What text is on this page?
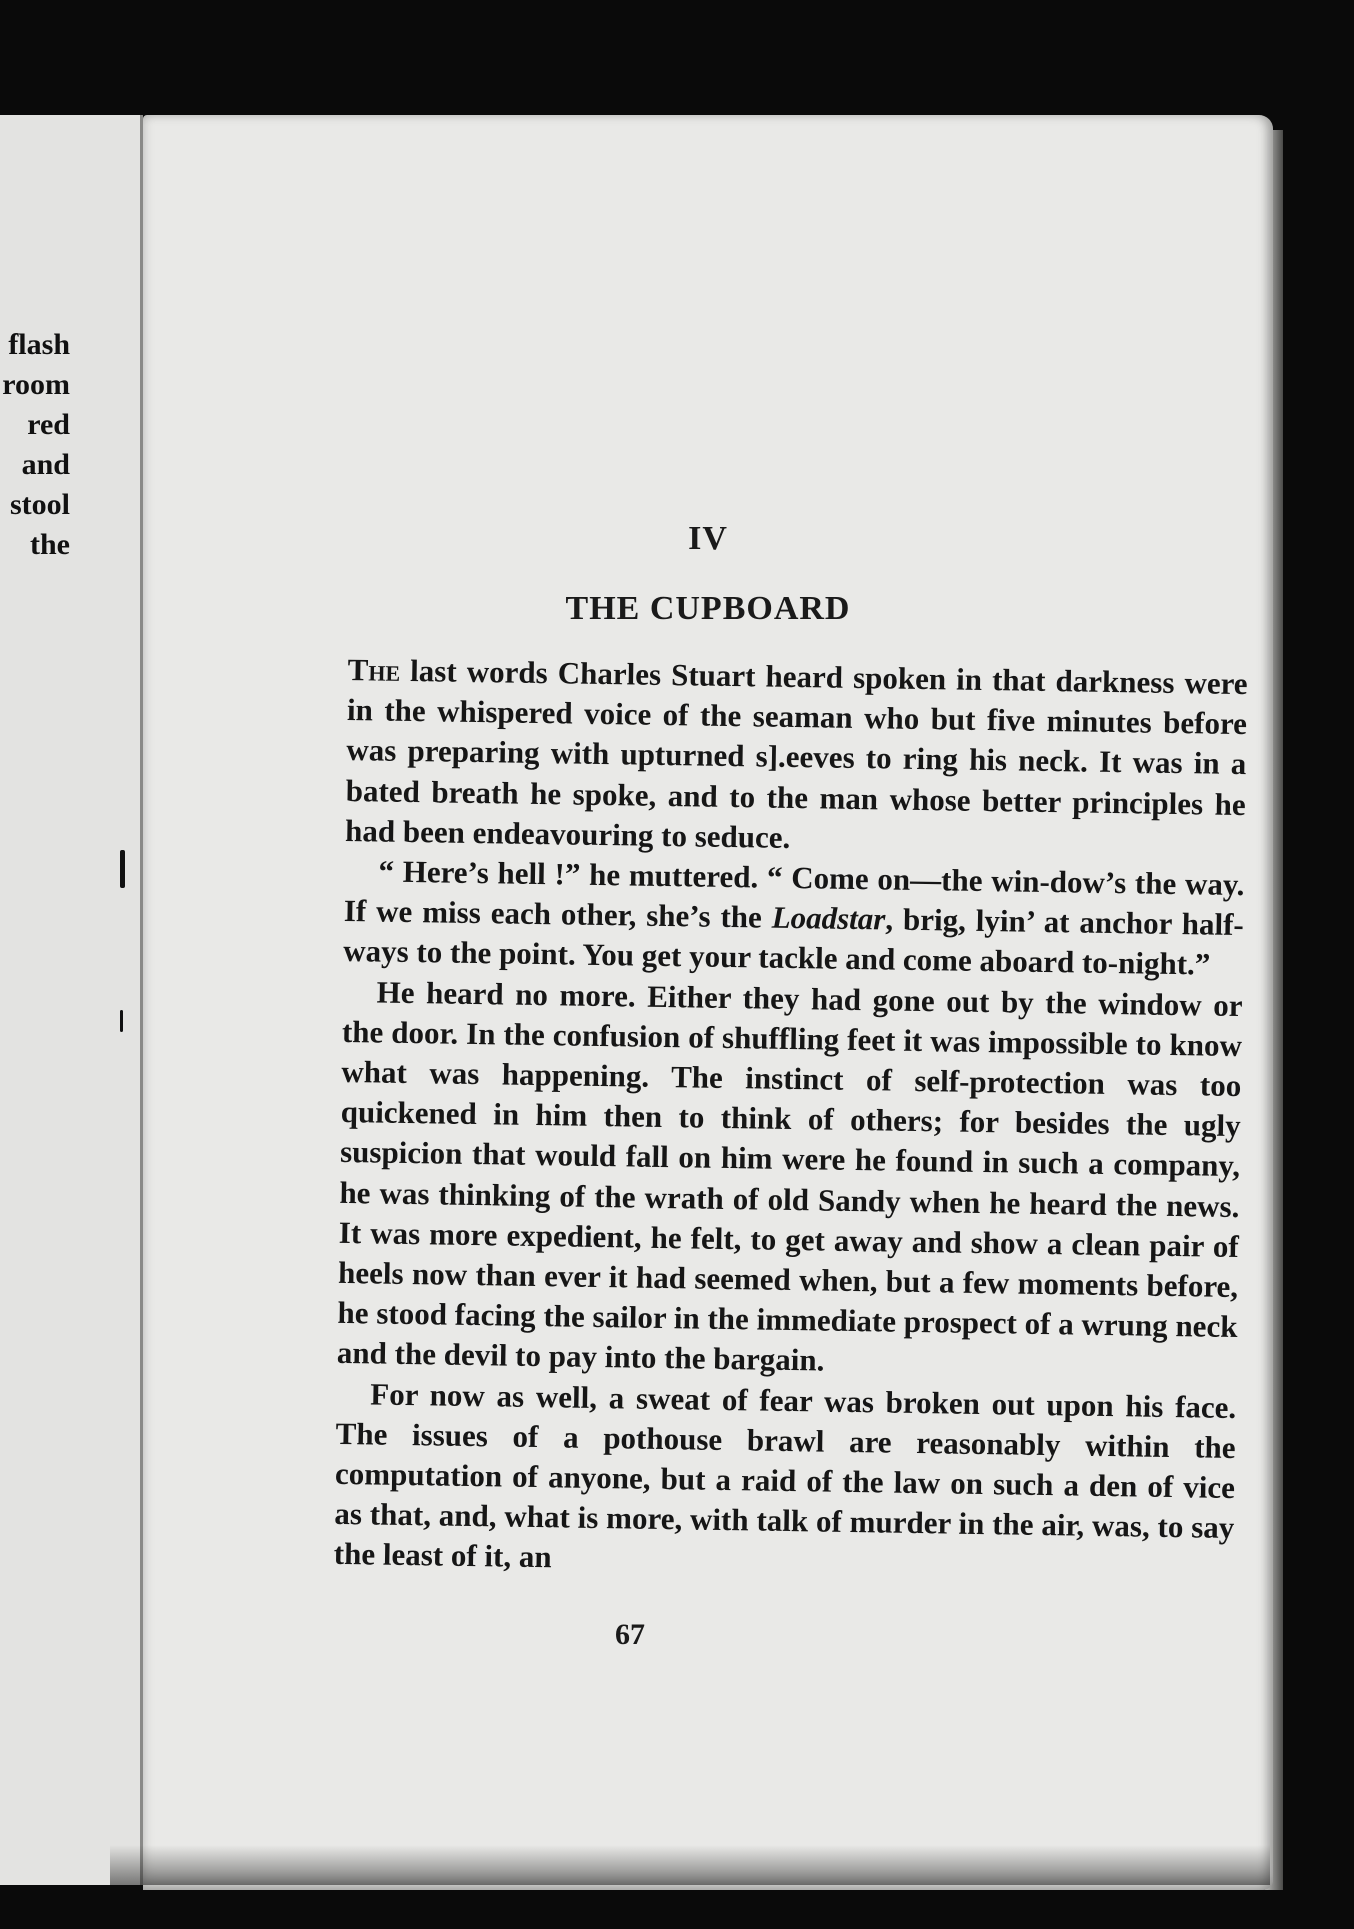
flash
room
red
and
stool
the	IV
THE CUPBOARD

The last words Charles Stuart heard spoken in that darkness were in the whispered voice of the seaman who but five minutes before was preparing with upturned s].eeves to ring his neck. It was in a bated breath he spoke, and to the man whose better principles he had been endeavouring to seduce.

“ Here’s hell !” he muttered. “ Come on—the win-dow’s the way. If we miss each other, she’s the Loadstar, brig, lyin’ at anchor half-ways to the point. You get your tackle and come aboard to-night.”

He heard no more. Either they had gone out by the window or the door. In the confusion of shuffling feet it was impossible to know what was happening. The instinct of self-protection was too quickened in him then to think of others; for besides the ugly suspicion that would fall on him were he found in such a company, he was thinking of the wrath of old Sandy when he heard the news. It was more expedient, he felt, to get away and show a clean pair of heels now than ever it had seemed when, but a few moments before, he stood facing the sailor in the immediate prospect of a wrung neck and the devil to pay into the bargain.

For now as well, a sweat of fear was broken out upon his face. The issues of a pothouse brawl are reasonably within the computation of anyone, but a raid of the law on such a den of vice as that, and, what is more, with talk of murder in the air, was, to say the least of it, an

67
